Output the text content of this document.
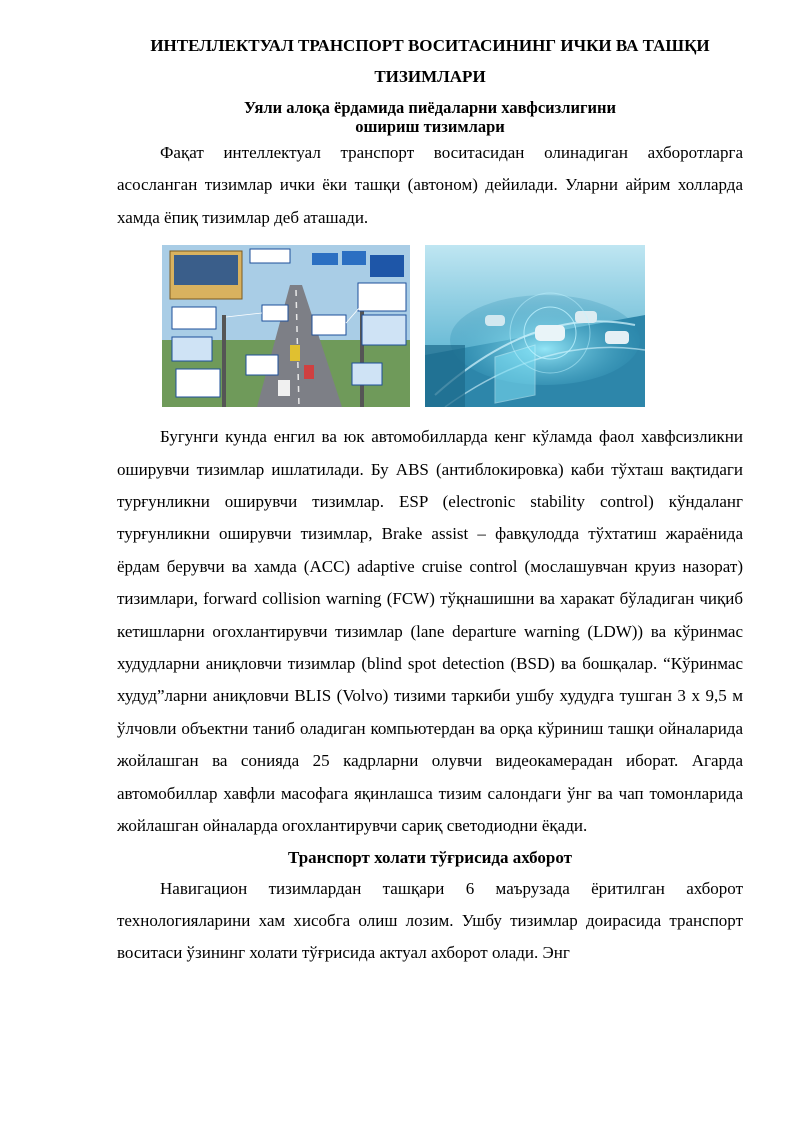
ИНТЕЛЛЕКТУАЛ ТРАНСПОРТ ВОСИТАСИНИНГ ИЧКИ ВА ТАШҚИ ТИЗИМЛАРИ

Уяли алоқа ёрдамида пиёдаларни хавфсизлигини
ошириш тизимлари

Фақат интеллектуал транспорт воситасидан олинадиган ахборотларга асосланган тизимлар ички ёки ташқи (автоном) дейилади. Уларни айрим холларда хамда ёпиқ тизимлар деб аташади.

Бугунги кунда енгил ва юк автомобилларда кенг кўламда фаол хавфсизликни оширувчи тизимлар ишлатилади. Бу ABS (антиблокировка) каби тўхташ вақтидаги турғунликни оширувчи тизимлар. ESP (electronic stability control) кўндаланг турғунликни оширувчи тизимлар, Brake assist – фавқулодда тўхтатиш жараёнида ёрдам берувчи ва хамда (ACC) adaptive cruise control (мослашувчан круиз назорат) тизимлари, forward collision warning (FCW) тўқнашишни ва харакат бўладиган чиқиб кетишларни огохлантирувчи тизимлар (lane departure warning (LDW)) ва кўринмас худудларни аниқловчи тизимлар (blind spot detection (BSD) ва бошқалар. “Кўринмас худуд”ларни аниқловчи BLIS (Volvo) тизими таркиби ушбу худудга тушган 3 х 9,5 м ўлчовли объектни таниб оладиган компьютердан ва орқа кўриниш ташқи ойналарида жойлашган ва сонияда 25 кадрларни олувчи видеокамерадан иборат. Агарда автомобиллар хавфли масофага яқинлашса тизим салондаги ўнг ва чап томонларида жойлашган ойналарда огохлантирувчи сариқ светодиодни ёқади.

Транспорт холати тўғрисида ахборот

Навигацион тизимлардан ташқари 6 маърузада ёритилган ахборот технологияларини хам хисобга олиш лозим. Ушбу тизимлар доирасида транспорт воситаси ўзининг холати тўғрисида актуал ахборот олади. Энг
